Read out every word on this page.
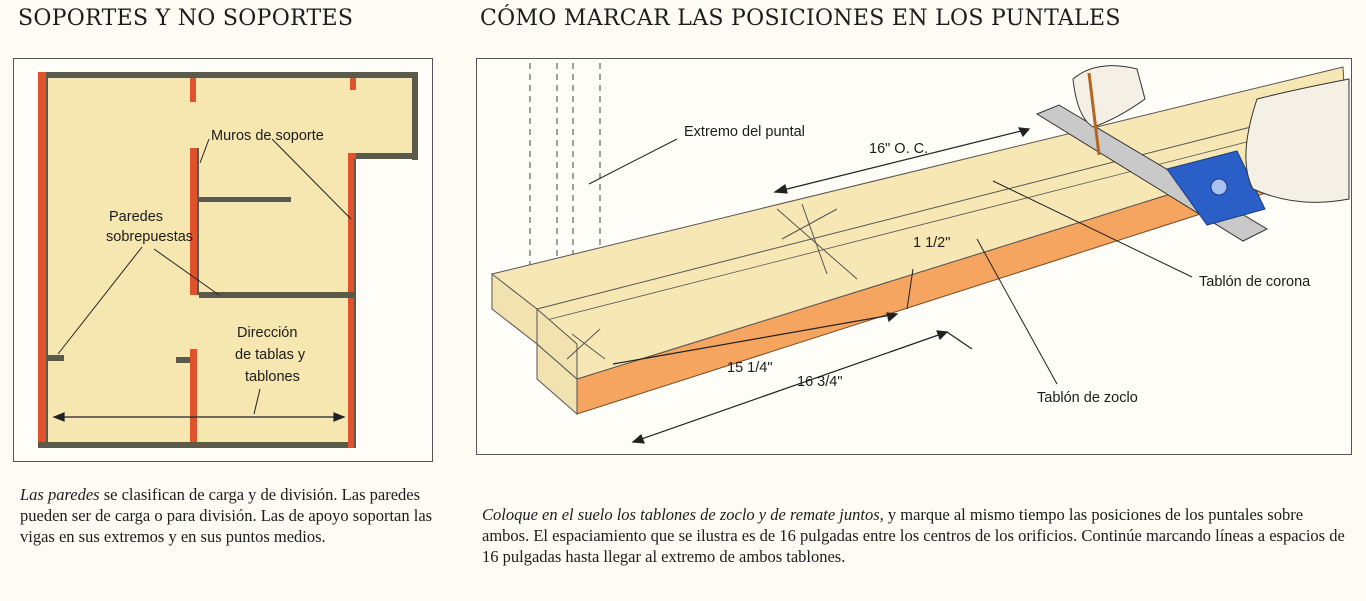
SOPORTES Y NO SOPORTES	CÓMO MARCAR LAS POSICIONES EN LOS PUNTALES
Muros de soporte
Paredes
sobrepuestas
Dirección
de tablas y
tablones
Extremo del puntal
16" O. C.
1 1/2"
Tablón de corona
15 1/4"
16 3/4"
Tablón de zoclo

Las paredes se clasifican de carga y de división. Las paredes pueden ser de carga o para división. Las de apoyo soportan las vigas en sus extremos y en sus puntos medios.

Coloque en el suelo los tablones de zoclo y de remate juntos, y marque al mismo tiempo las posiciones de los puntales sobre ambos. El espaciamiento que se ilustra es de 16 pulgadas entre los centros de los orificios. Continúe marcando líneas a espacios de 16 pulgadas hasta llegar al extremo de ambos tablones.
